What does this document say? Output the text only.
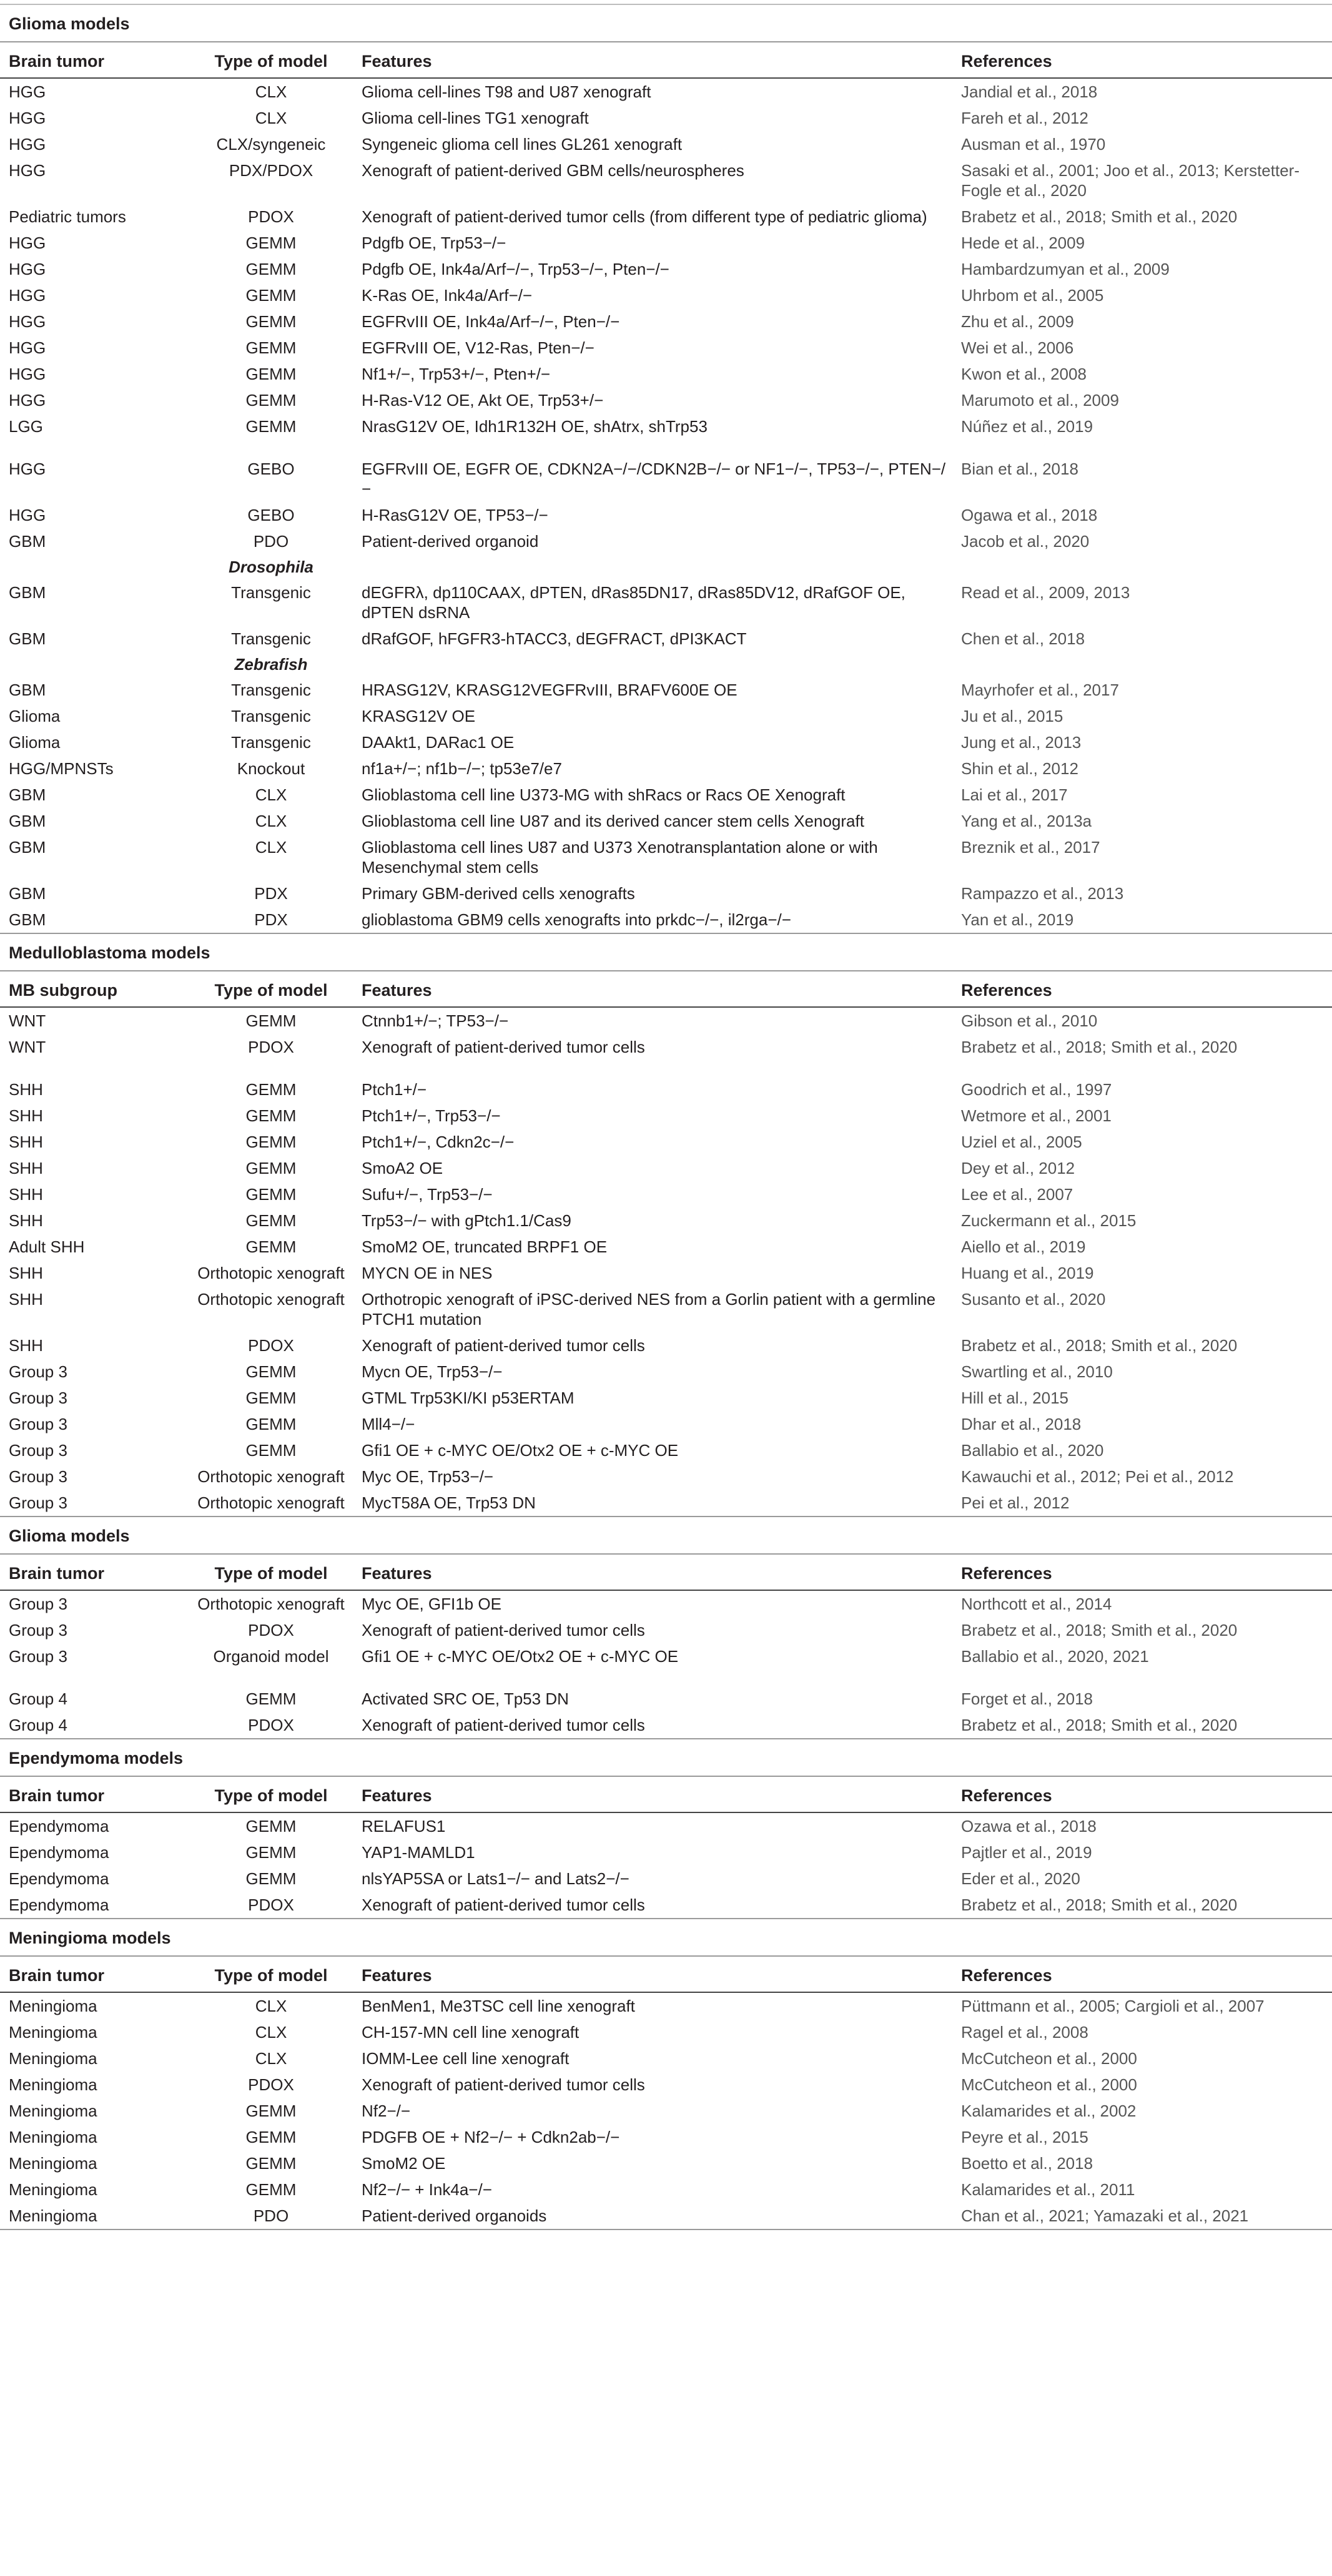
Glioma models			
Brain tumor	Type of model	Features	References
HGG	CLX	Glioma cell-lines T98 and U87 xenograft	Jandial et al., 2018
HGG	CLX	Glioma cell-lines TG1 xenograft	Fareh et al., 2012
HGG	CLX/syngeneic	Syngeneic glioma cell lines GL261 xenograft	Ausman et al., 1970
HGG	PDX/PDOX	Xenograft of patient-derived GBM cells/neurospheres	Sasaki et al., 2001; Joo et al., 2013; Kerstetter-Fogle et al., 2020
Pediatric tumors	PDOX	Xenograft of patient-derived tumor cells (from different type of pediatric glioma)	Brabetz et al., 2018; Smith et al., 2020
HGG	GEMM	Pdgfb OE, Trp53−/−	Hede et al., 2009
HGG	GEMM	Pdgfb OE, Ink4a/Arf−/−, Trp53−/−, Pten−/−	Hambardzumyan et al., 2009
HGG	GEMM	K-Ras OE, Ink4a/Arf−/−	Uhrbom et al., 2005
HGG	GEMM	EGFRvIII OE, Ink4a/Arf−/−, Pten−/−	Zhu et al., 2009
HGG	GEMM	EGFRvIII OE, V12-Ras, Pten−/−	Wei et al., 2006
HGG	GEMM	Nf1+/−, Trp53+/−, Pten+/−	Kwon et al., 2008
HGG	GEMM	H-Ras-V12 OE, Akt OE, Trp53+/−	Marumoto et al., 2009
LGG	GEMM	NrasG12V OE, Idh1R132H OE, shAtrx, shTrp53	Núñez et al., 2019

HGG	GEBO	EGFRvIII OE, EGFR OE, CDKN2A−/−/CDKN2B−/− or NF1−/−, TP53−/−, PTEN−/−	Bian et al., 2018
HGG	GEBO	H-RasG12V OE, TP53−/−	Ogawa et al., 2018
GBM	PDO	Patient-derived organoid	Jacob et al., 2020
	Drosophila		
GBM	Transgenic	dEGFRλ, dp110CAAX, dPTEN, dRas85DN17, dRas85DV12, dRafGOF OE, dPTEN dsRNA	Read et al., 2009, 2013
GBM	Transgenic	dRafGOF, hFGFR3-hTACC3, dEGFRACT, dPI3KACT	Chen et al., 2018
	Zebrafish		
GBM	Transgenic	HRASG12V, KRASG12VEGFRvIII, BRAFV600E OE	Mayrhofer et al., 2017
Glioma	Transgenic	KRASG12V OE	Ju et al., 2015
Glioma	Transgenic	DAAkt1, DARac1 OE	Jung et al., 2013
HGG/MPNSTs	Knockout	nf1a+/−; nf1b−/−; tp53e7/e7	Shin et al., 2012
GBM	CLX	Glioblastoma cell line U373-MG with shRacs or Racs OE Xenograft	Lai et al., 2017
GBM	CLX	Glioblastoma cell line U87 and its derived cancer stem cells Xenograft	Yang et al., 2013a
GBM	CLX	Glioblastoma cell lines U87 and U373 Xenotransplantation alone or with Mesenchymal stem cells	Breznik et al., 2017
GBM	PDX	Primary GBM-derived cells xenografts	Rampazzo et al., 2013
GBM	PDX	glioblastoma GBM9 cells xenografts into prkdc−/−, il2rga−/−	Yan et al., 2019
Medulloblastoma models			
MB subgroup	Type of model	Features	References
WNT	GEMM	Ctnnb1+/−; TP53−/−	Gibson et al., 2010
WNT	PDOX	Xenograft of patient-derived tumor cells	Brabetz et al., 2018; Smith et al., 2020

SHH	GEMM	Ptch1+/−	Goodrich et al., 1997
SHH	GEMM	Ptch1+/−, Trp53−/−	Wetmore et al., 2001
SHH	GEMM	Ptch1+/−, Cdkn2c−/−	Uziel et al., 2005
SHH	GEMM	SmoA2 OE	Dey et al., 2012
SHH	GEMM	Sufu+/−, Trp53−/−	Lee et al., 2007
SHH	GEMM	Trp53−/− with gPtch1.1/Cas9	Zuckermann et al., 2015
Adult SHH	GEMM	SmoM2 OE, truncated BRPF1 OE	Aiello et al., 2019
SHH	Orthotopic xenograft	MYCN OE in NES	Huang et al., 2019
SHH	Orthotopic xenograft	Orthotropic xenograft of iPSC-derived NES from a Gorlin patient with a germline PTCH1 mutation	Susanto et al., 2020
SHH	PDOX	Xenograft of patient-derived tumor cells	Brabetz et al., 2018; Smith et al., 2020
Group 3	GEMM	Mycn OE, Trp53−/−	Swartling et al., 2010
Group 3	GEMM	GTML Trp53KI/KI p53ERTAM	Hill et al., 2015
Group 3	GEMM	Mll4−/−	Dhar et al., 2018
Group 3	GEMM	Gfi1 OE + c-MYC OE/Otx2 OE + c-MYC OE	Ballabio et al., 2020
Group 3	Orthotopic xenograft	Myc OE, Trp53−/−	Kawauchi et al., 2012; Pei et al., 2012
Group 3	Orthotopic xenograft	MycT58A OE, Trp53 DN	Pei et al., 2012
Glioma models			
Brain tumor	Type of model	Features	References
Group 3	Orthotopic xenograft	Myc OE, GFI1b OE	Northcott et al., 2014
Group 3	PDOX	Xenograft of patient-derived tumor cells	Brabetz et al., 2018; Smith et al., 2020
Group 3	Organoid model	Gfi1 OE + c-MYC OE/Otx2 OE + c-MYC OE	Ballabio et al., 2020, 2021

Group 4	GEMM	Activated SRC OE, Tp53 DN	Forget et al., 2018
Group 4	PDOX	Xenograft of patient-derived tumor cells	Brabetz et al., 2018; Smith et al., 2020
Ependymoma models			
Brain tumor	Type of model	Features	References
Ependymoma	GEMM	RELAFUS1	Ozawa et al., 2018
Ependymoma	GEMM	YAP1-MAMLD1	Pajtler et al., 2019
Ependymoma	GEMM	nlsYAP5SA or Lats1−/− and Lats2−/−	Eder et al., 2020
Ependymoma	PDOX	Xenograft of patient-derived tumor cells	Brabetz et al., 2018; Smith et al., 2020
Meningioma models			
Brain tumor	Type of model	Features	References
Meningioma	CLX	BenMen1, Me3TSC cell line xenograft	Püttmann et al., 2005; Cargioli et al., 2007
Meningioma	CLX	CH-157-MN cell line xenograft	Ragel et al., 2008
Meningioma	CLX	IOMM-Lee cell line xenograft	McCutcheon et al., 2000
Meningioma	PDOX	Xenograft of patient-derived tumor cells	McCutcheon et al., 2000
Meningioma	GEMM	Nf2−/−	Kalamarides et al., 2002
Meningioma	GEMM	PDGFB OE + Nf2−/− + Cdkn2ab−/−	Peyre et al., 2015
Meningioma	GEMM	SmoM2 OE	Boetto et al., 2018
Meningioma	GEMM	Nf2−/− + Ink4a−/−	Kalamarides et al., 2011
Meningioma	PDO	Patient-derived organoids	Chan et al., 2021; Yamazaki et al., 2021
